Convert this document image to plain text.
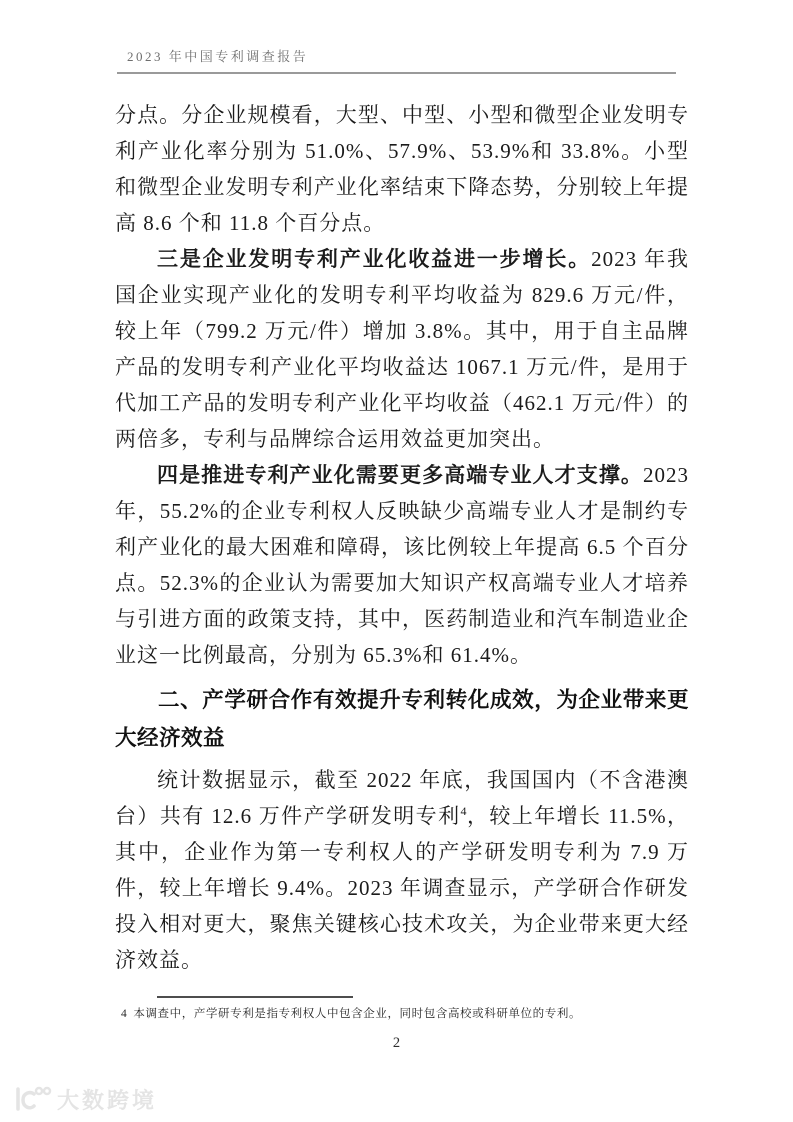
2023 年中国专利调查报告

分点。分企业规模看，大型、中型、小型和微型企业发明专利产业化率分别为 51.0%、57.9%、53.9%和 33.8%。小型和微型企业发明专利产业化率结束下降态势，分别较上年提高 8.6 个和 11.8 个百分点。

三是企业发明专利产业化收益进一步增长。2023 年我国企业实现产业化的发明专利平均收益为 829.6 万元/件，较上年（799.2 万元/件）增加 3.8%。其中，用于自主品牌产品的发明专利产业化平均收益达 1067.1 万元/件，是用于代加工产品的发明专利产业化平均收益（462.1 万元/件）的两倍多，专利与品牌综合运用效益更加突出。

四是推进专利产业化需要更多高端专业人才支撑。2023 年，55.2%的企业专利权人反映缺少高端专业人才是制约专利产业化的最大困难和障碍，该比例较上年提高 6.5 个百分点。52.3%的企业认为需要加大知识产权高端专业人才培养与引进方面的政策支持，其中，医药制造业和汽车制造业企业这一比例最高，分别为 65.3%和 61.4%。

二、产学研合作有效提升专利转化成效，为企业带来更大经济效益

统计数据显示，截至 2022 年底，我国国内（不含港澳台）共有 12.6 万件产学研发明专利$^4$，较上年增长 11.5%，其中，企业作为第一专利权人的产学研发明专利为 7.9 万件，较上年增长 9.4%。2023 年调查显示，产学研合作研发投入相对更大，聚焦关键核心技术攻关，为企业带来更大经济效益。

4 本调查中，产学研专利是指专利权人中包含企业，同时包含高校或科研单位的专利。
2
大数跨境
